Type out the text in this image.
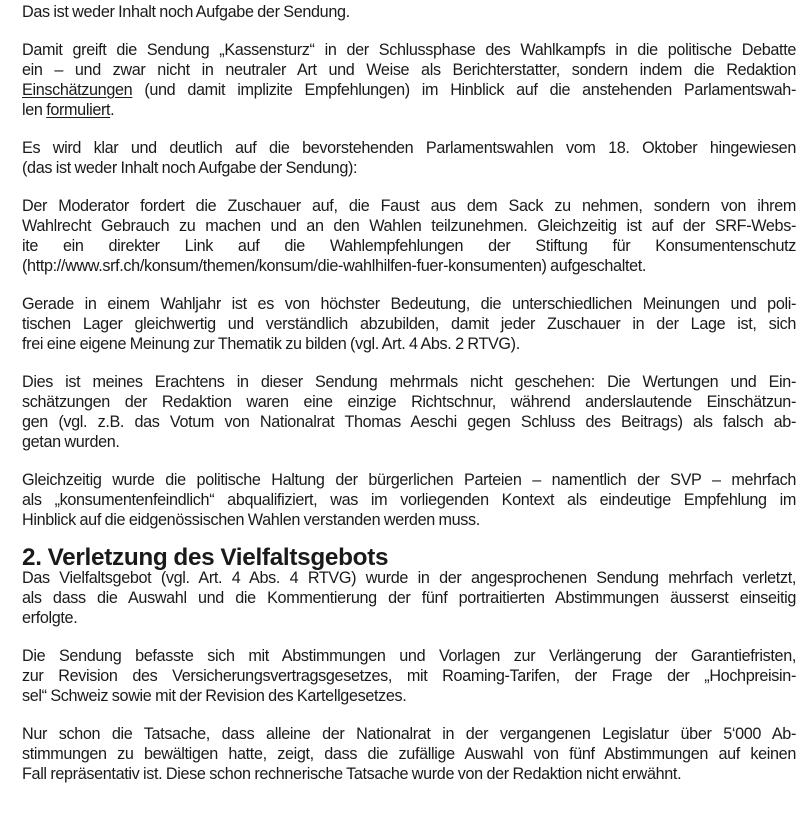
Das ist weder Inhalt noch Aufgabe der Sendung.

Damit greift die Sendung „Kassensturz“ in der Schlussphase des Wahlkampfs in die politische Debatte
ein – und zwar nicht in neutraler Art und Weise als Berichterstatter, sondern indem die Redaktion
Einschätzungen (und damit implizite Empfehlungen) im Hinblick auf die anstehenden Parlamentswah-
len formuliert.

Es wird klar und deutlich auf die bevorstehenden Parlamentswahlen vom 18. Oktober hingewiesen
(das ist weder Inhalt noch Aufgabe der Sendung):

Der Moderator fordert die Zuschauer auf, die Faust aus dem Sack zu nehmen, sondern von ihrem
Wahlrecht Gebrauch zu machen und an den Wahlen teilzunehmen. Gleichzeitig ist auf der SRF-Webs-
ite ein direkter Link auf die Wahlempfehlungen der Stiftung für Konsumentenschutz
(http://www.srf.ch/konsum/themen/konsum/die-wahlhilfen-fuer-konsumenten) aufgeschaltet.

Gerade in einem Wahljahr ist es von höchster Bedeutung, die unterschiedlichen Meinungen und poli-
tischen Lager gleichwertig und verständlich abzubilden, damit jeder Zuschauer in der Lage ist, sich
frei eine eigene Meinung zur Thematik zu bilden (vgl. Art. 4 Abs. 2 RTVG).

Dies ist meines Erachtens in dieser Sendung mehrmals nicht geschehen: Die Wertungen und Ein-
schätzungen der Redaktion waren eine einzige Richtschnur, während anderslautende Einschätzun-
gen (vgl. z.B. das Votum von Nationalrat Thomas Aeschi gegen Schluss des Beitrags) als falsch ab-
getan wurden.

Gleichzeitig wurde die politische Haltung der bürgerlichen Parteien – namentlich der SVP – mehrfach
als „konsumentenfeindlich“ abqualifiziert, was im vorliegenden Kontext als eindeutige Empfehlung im
Hinblick auf die eidgenössischen Wahlen verstanden werden muss.

2. Verletzung des Vielfaltsgebots

Das Vielfaltsgebot (vgl. Art. 4 Abs. 4 RTVG) wurde in der angesprochenen Sendung mehrfach verletzt,
als dass die Auswahl und die Kommentierung der fünf portraitierten Abstimmungen äusserst einseitig
erfolgte.

Die Sendung befasste sich mit Abstimmungen und Vorlagen zur Verlängerung der Garantiefristen,
zur Revision des Versicherungsvertragsgesetzes, mit Roaming-Tarifen, der Frage der „Hochpreisin-
sel“ Schweiz sowie mit der Revision des Kartellgesetzes.

Nur schon die Tatsache, dass alleine der Nationalrat in der vergangenen Legislatur über 5‘000 Ab-
stimmungen zu bewältigen hatte, zeigt, dass die zufällige Auswahl von fünf Abstimmungen auf keinen
Fall repräsentativ ist. Diese schon rechnerische Tatsache wurde von der Redaktion nicht erwähnt.
